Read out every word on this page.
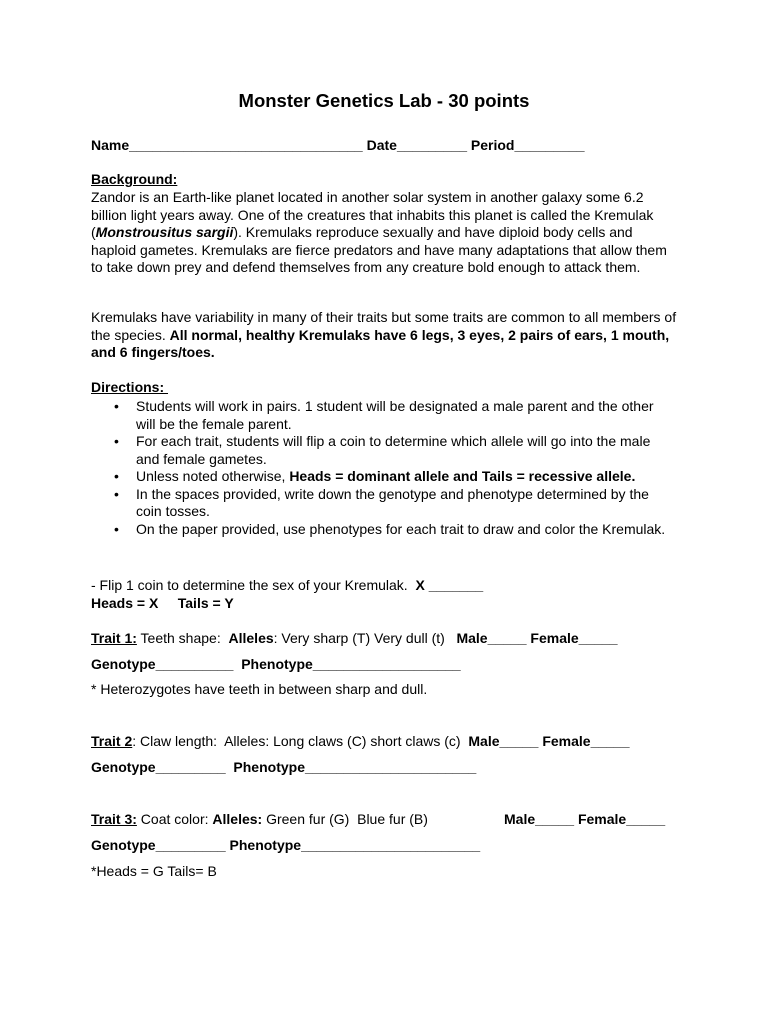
Monster Genetics Lab - 30 points

Name______________________________ Date_________ Period_________

Background:

Zandor is an Earth-like planet located in another solar system in another galaxy some 6.2 billion light years away. One of the creatures that inhabits this planet is called the Kremulak (Monstrousitus sargii). Kremulaks reproduce sexually and have diploid body cells and haploid gametes. Kremulaks are fierce predators and have many adaptations that allow them to take down prey and defend themselves from any creature bold enough to attack them.

Kremulaks have variability in many of their traits but some traits are common to all members of the species. All normal, healthy Kremulaks have 6 legs, 3 eyes, 2 pairs of ears, 1 mouth, and 6 fingers/toes.

Directions:

• Students will work in pairs. 1 student will be designated a male parent and the other will be the female parent.
• For each trait, students will flip a coin to determine which allele will go into the male and female gametes.
• Unless noted otherwise, Heads = dominant allele and Tails = recessive allele.
• In the spaces provided, write down the genotype and phenotype determined by the coin tosses.
• On the paper provided, use phenotypes for each trait to draw and color the Kremulak.

- Flip 1 coin to determine the sex of your Kremulak.  X _______

Heads = X     Tails = Y

Trait 1: Teeth shape:  Alleles: Very sharp (T) Very dull (t)   Male_____ Female_____

Genotype__________ Phenotype___________________

* Heterozygotes have teeth in between sharp and dull.

Trait 2: Claw length:  Alleles: Long claws (C) short claws (c)  Male_____ Female_____

Genotype_________ Phenotype______________________

Trait 3: Coat color: Alleles: Green fur (G)  Blue fur (B)	Male_____ Female_____

Genotype_________ Phenotype_______________________

*Heads = G Tails= B
